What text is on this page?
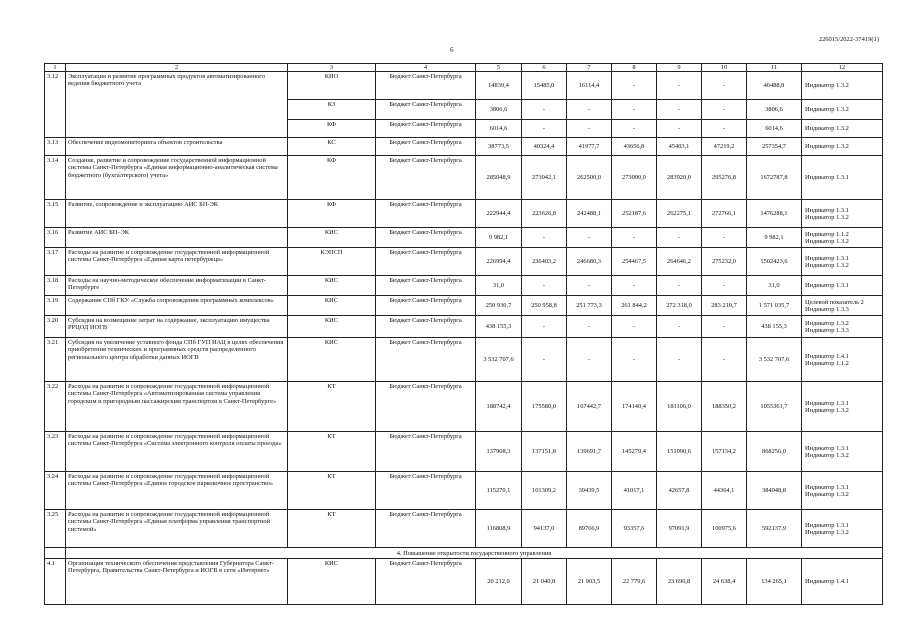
226015/2022-37419(1)
6
1	2	3	4	5	6	7	8	9	10	11	12
3.12	Эксплуатация и развитие программных продуктов автоматизированного ведения бюджетного учета	КИО	Бюджет Санкт-Петербурга	14839,4	15485,0	16114,4	-	-	-	46488,8	Индикатор 1.3.2
		КЗ	Бюджет Санкт-Петербурга	3806,6	-	-	-	-	-	3806,6	Индикатор 1.3.2
		КФ	Бюджет Санкт-Петербурга	6014,6	-	-	-	-	-	6014,6	Индикатор 1.3.2
3.13	Обеспечение видеомониторинга объектов строительства	КС	Бюджет Санкт-Петербурга	38773,5	40324,4	41977,7	43656,8	45403,1	47219,2	257354,7	Индикатор 1.3.2
3.14	Создание, развитие и сопровождение государственной информационной системы Санкт-Петербурга «Единая информационно-аналитическая система бюджетного (бухгалтерского) учета»	КФ	Бюджет Санкт-Петербурга	285048,9	273042,1	262500,0	273000,0	283920,0	295276,8	1672787,8	Индикатор 1.3.1
3.15	Развитие, сопровождение и эксплуатацию АИС БП-ЭК	КФ	Бюджет Санкт-Петербурга	222944,4	223626,8	242488,1	252187,6	262275,1	272766,1	1476288,1	Индикатор 1.3.1
Индикатор 1.3.2
3.16	Развитие АИС БП–ЭК	КИС	Бюджет Санкт-Петербурга	9 982,1	-	-	-	-	-	9 982,1	Индикатор 1.1.2
Индикатор 1.3.2
3.17	Расходы на развитие и сопровождение государственной информационной системы Санкт-Петербурга «Единая карта петербуржца»	КЭПСП	Бюджет Санкт-Петербурга	226994,4	236403,2	246680,3	254467,5	264646,2	275232,0	1502423,6	Индикатор 1.3.1
Индикатор 1.3.2
3.18	Расходы на научно-методическое обеспечение информатизации в Санкт-Петербурге	КИС	Бюджет Санкт-Петербурга	31,0	-	-	-	-	-	31,0	Индикатор 1.3.1
3.19	Содержание СПб ГКУ «Служба сопровождения программных комплексов»	КИС	Бюджет Санкт-Петербурга	250 930,7	250 958,8	251 773,3	261 844,2	272 318,0	283 210,7	1 571 035,7	Целевой показатель 2
Индикатор 1.3.3
3.20	Субсидия на возмещение затрат на содержание, эксплуатацию имущества РРЦОД ИОГВ	КИС	Бюджет Санкт-Петербурга	438 155,3	-	-	-	-	-	438 155,3	Индикатор 1.3.2
Индикатор 1.3.3
3.21	Субсидия на увеличение уставного фонда СПб ГУП ИАЦ в целях обеспечения приобретения технических и программных средств распределенного регионального центра обработки данных ИОГВ	КИС	Бюджет Санкт-Петербурга	3 532 707,6	-	-	-	-	-	3 532 707,6	Индикатор 1.4.1
Индикатор 1.1.2
3.22	Расходы на развитие и сопровождение государственной информационной системы Санкт-Петербурга «Автоматизированная система управления городским и пригородным пассажирским транспортом в Санкт-Петербурге»	КТ	Бюджет Санкт-Петербурга	188742,4	175580,0	167442,7	174140,4	181106,0	188350,2	1055361,7	Индикатор 1.3.1
Индикатор 1.3.2
3.23	Расходы на развитие и сопровождение государственной информационной системы Санкт-Петербурга «Система электронного контроля оплаты проезда»	КТ	Бюджет Санкт-Петербурга	137908,3	137151,8	139691,7	145279,4	151090,6	157134,2	868256,0	Индикатор 1.3.1
Индикатор 1.3.2
3.24	Расходы на развитие и сопровождение государственной информационной системы Санкт-Петербурга «Единое городское парковочное пространство»	КТ	Бюджет Санкт-Петербурга	115270,1	101309,2	39439,5	41017,1	42657,8	44364,1	384048,8	Индикатор 1.3.1
Индикатор 1.3.2
3.25	Расходы на развитие и сопровождение государственной информационной системы Санкт-Петербурга «Единая платформа управления транспортной системой»	КТ	Бюджет Санкт-Петербурга	116808,9	94137,0	89766,9	93357,6	97091,9	100975,6	592137,9	Индикатор 1.3.1
Индикатор 1.3.2
	4. Повышение открытости государственного управления										
4.1	Организация технического обеспечения представления Губернатора Санкт-Петербурга, Правительства Санкт-Петербурга и ИОГВ в сети «Интернет»	КИС	Бюджет Санкт-Петербурга	20 212,0	21 040,8	21 903,5	22 779,6	23 690,8	24 638,4	134 265,1	Индикатор 1.4.1
